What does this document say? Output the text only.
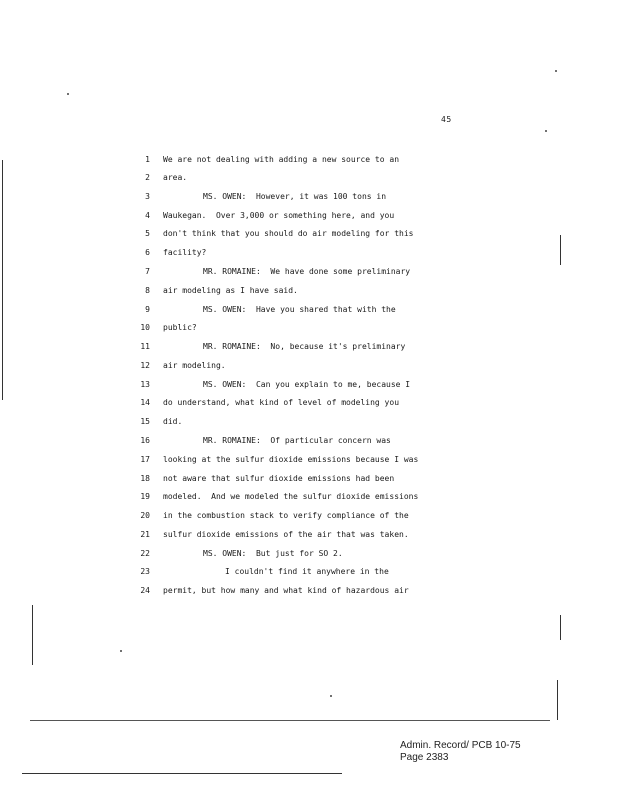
45
1 We are not dealing with adding a new source to an
2 area.
3	MS. OWEN:  However, it was 100 tons in
4 Waukegan.  Over 3,000 or something here, and you
5 don't think that you should do air modeling for this
6 facility?
7	MR. ROMAINE:  We have done some preliminary
8 air modeling as I have said.
9	MS. OWEN:  Have you shared that with the
10 public?
11	MR. ROMAINE:  No, because it's preliminary
12 air modeling.
13	MS. OWEN:  Can you explain to me, because I
14 do understand, what kind of level of modeling you
15 did.
16	MR. ROMAINE:  Of particular concern was
17 looking at the sulfur dioxide emissions because I was
18 not aware that sulfur dioxide emissions had been
19 modeled.  And we modeled the sulfur dioxide emissions
20 in the combustion stack to verify compliance of the
21 sulfur dioxide emissions of the air that was taken.
22	MS. OWEN:  But just for SO 2.
23	I couldn't find it anywhere in the
24 permit, but how many and what kind of hazardous air
Admin. Record/ PCB 10-75
Page 2383
